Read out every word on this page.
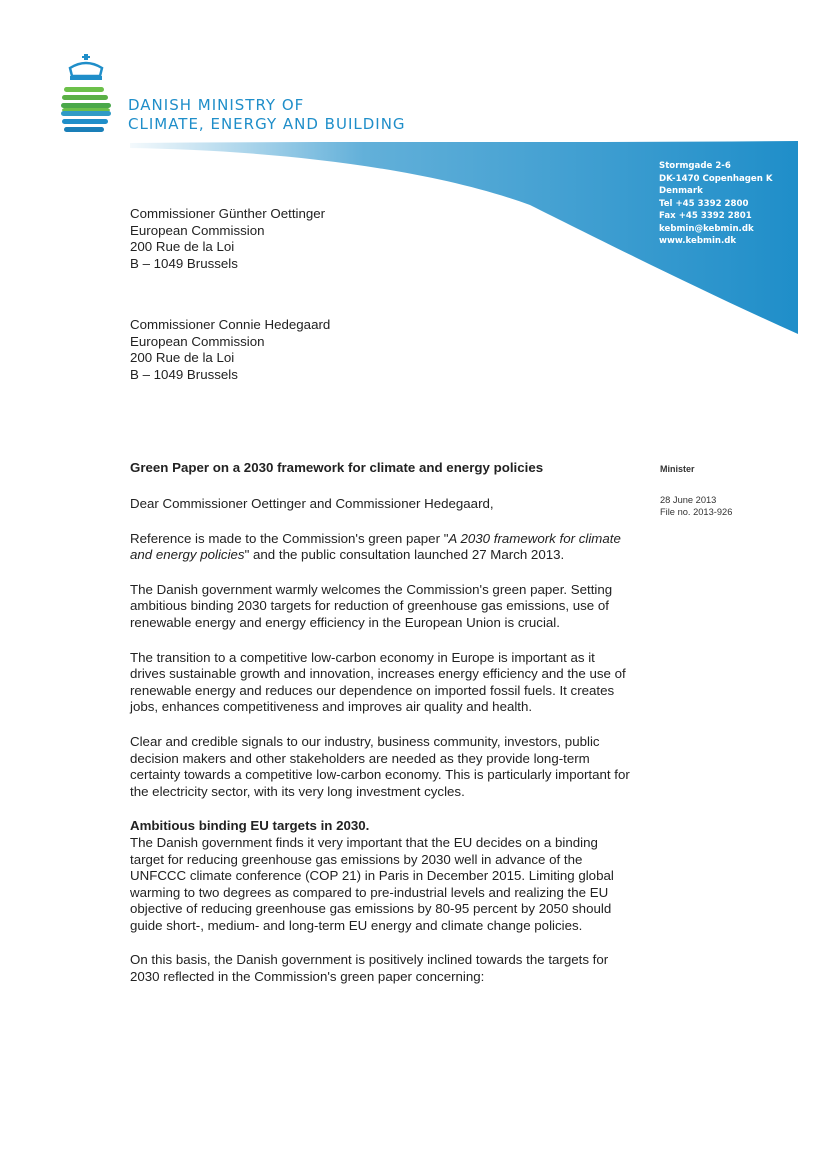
DANISH MINISTRY OF
CLIMATE, ENERGY AND BUILDING
Stormgade 2-6
DK-1470 Copenhagen K
Denmark
Tel +45 3392 2800
Fax +45 3392 2801
kebmin@kebmin.dk
www.kebmin.dk
Commissioner Günther Oettinger
European Commission
200 Rue de la Loi
B – 1049 Brussels
Commissioner Connie Hedegaard
European Commission
200 Rue de la Loi
B – 1049 Brussels
Green Paper on a 2030 framework for climate and energy policies	Minister
28 June 2013
File no. 2013-926

Dear Commissioner Oettinger and Commissioner Hedegaard,

Reference is made to the Commission's green paper "A 2030 framework for climate and energy policies" and the public consultation launched 27 March 2013.

The Danish government warmly welcomes the Commission's green paper. Setting ambitious binding 2030 targets for reduction of greenhouse gas emissions, use of renewable energy and energy efficiency in the European Union is crucial.

The transition to a competitive low-carbon economy in Europe is important as it drives sustainable growth and innovation, increases energy efficiency and the use of renewable energy and reduces our dependence on imported fossil fuels. It creates jobs, enhances competitiveness and improves air quality and health.

Clear and credible signals to our industry, business community, investors, public decision makers and other stakeholders are needed as they provide long-term certainty towards a competitive low-carbon economy. This is particularly important for the electricity sector, with its very long investment cycles.

Ambitious binding EU targets in 2030.

The Danish government finds it very important that the EU decides on a binding target for reducing greenhouse gas emissions by 2030 well in advance of the UNFCCC climate conference (COP 21) in Paris in December 2015. Limiting global warming to two degrees as compared to pre-industrial levels and realizing the EU objective of reducing greenhouse gas emissions by 80-95 percent by 2050 should guide short-, medium- and long-term EU energy and climate change policies.

On this basis, the Danish government is positively inclined towards the targets for 2030 reflected in the Commission's green paper concerning:
